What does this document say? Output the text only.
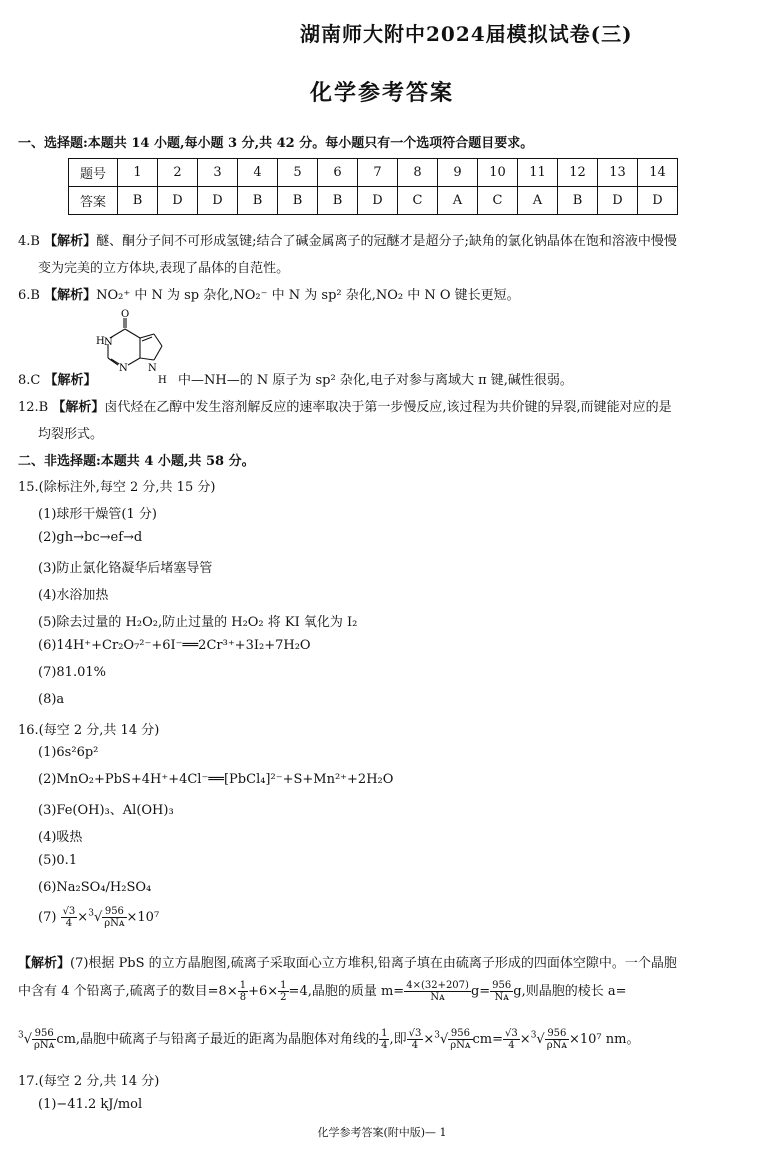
湖南师大附中2024届模拟试卷(三)
化学参考答案
一、选择题:本题共 14 小题,每小题 3 分,共 42 分。每小题只有一个选项符合题目要求。
题号	1	2	3	4	5	6	7	8	9	10	11	12	13	14
答案	B	D	D	B	B	B	D	C	A	C	A	B	D	D
4.B 【解析】醚、酮分子间不可形成氢键;结合了碱金属离子的冠醚才是超分子;缺角的氯化钠晶体在饱和溶液中慢慢
变为完美的立方体块,表现了晶体的自范性。
6.B 【解析】NO₂⁺ 中 N 为 sp 杂化,NO₂⁻ 中 N 为 sp² 杂化,NO₂ 中 N O 键长更短。
O
H N
N N
H
8.C 【解析】	中—NH—的 N 原子为 sp² 杂化,电子对参与离域大 π 键,碱性很弱。
12.B 【解析】卤代烃在乙醇中发生溶剂解反应的速率取决于第一步慢反应,该过程为共价键的异裂,而键能对应的是
均裂形式。
二、非选择题:本题共 4 小题,共 58 分。
15.(除标注外,每空 2 分,共 15 分)
(1)球形干燥管(1 分)
(2)gh→bc→ef→d
(3)防止氯化铬凝华后堵塞导管
(4)水浴加热
(5)除去过量的 H₂O₂,防止过量的 H₂O₂ 将 KI 氧化为 I₂
(6)14H⁺+Cr₂O₇²⁻+6I⁻══2Cr³⁺+3I₂+7H₂O
(7)81.01%
(8)a
16.(每空 2 分,共 14 分)
(1)6s²6p²
(2)MnO₂+PbS+4H⁺+4Cl⁻══[PbCl₄]²⁻+S+Mn²⁺+2H₂O
(3)Fe(OH)₃、Al(OH)₃
(4)吸热
(5)0.1
(6)Na₂SO₄/H₂SO₄
$(7) \frac{√3}{4} \times^3√ \frac{956}{\text{ρNᴀ}} \times 10^7$
【解析】(7)根据 PbS 的立方晶胞图,硫离子采取面心立方堆积,铅离子填在由硫离子形成的四面体空隙中。一个晶胞
中含有 4 个铅离子,硫离子的数目$=8\times \frac{1}{8} +6\times \frac{1}{2} =4$,晶胞的质量 $m= \frac{4\times(32+207)}{\text{Nᴀ}} g= \frac{956}{\text{Nᴀ}} g$,则晶胞的棱长 a=
$^3√ \frac{956}{\text{ρNᴀ}}$ cm,晶胞中硫离子与铅离子最近的距离为晶胞体对角线的 $\frac{1}{4}$ ,即 $\frac{√3}{4} \times^3√ \frac{956}{\text{ρNᴀ}} cm= \frac{√3}{4} \times^3√ \frac{956}{\text{ρNᴀ}} \times 10^7$ nm。
17.(每空 2 分,共 14 分)
(1)−41.2 kJ/mol
化学参考答案(附中版)— 1
